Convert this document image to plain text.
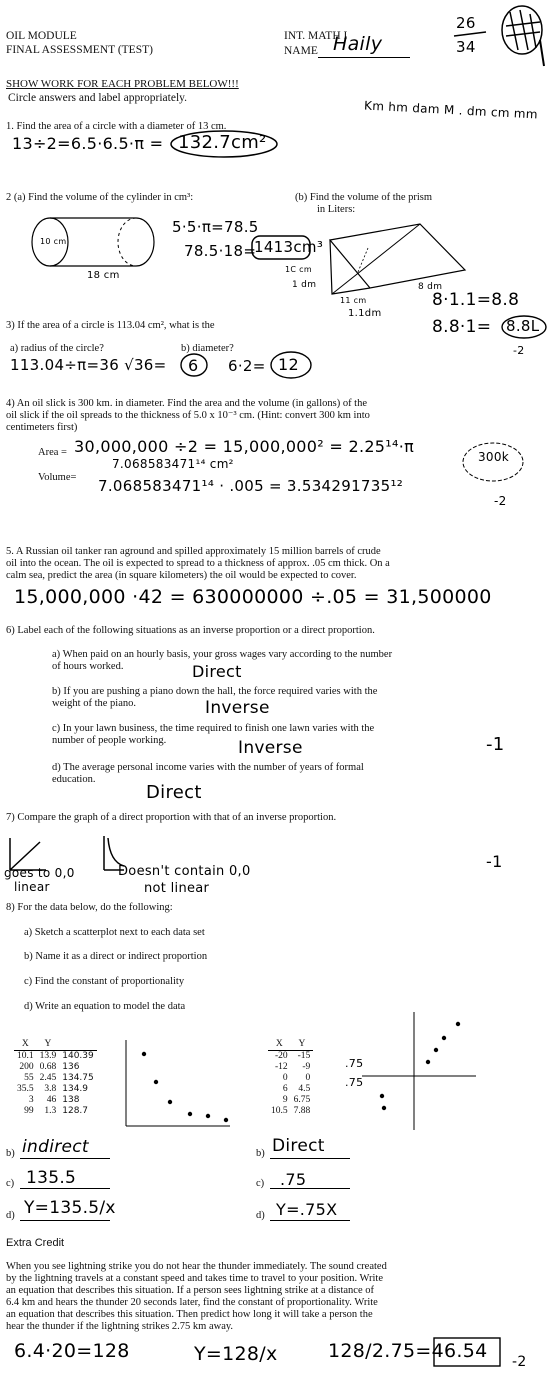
OIL MODULE
FINAL ASSESSMENT (TEST)
INT. MATH I
NAME Haily
26
34
SHOW WORK FOR EACH PROBLEM BELOW!!!
Circle answers and label appropriately.
Km hm dam M . dm cm mm
1. Find the area of a circle with a diameter of 13 cm.
13÷2=6.5·6.5·π = 132.7cm²
2 (a) Find the volume of the cylinder in cm³:	(b) Find the volume of the prism
in Liters:
10 cm
18 cm
5·5·π=78.5
78.5·18=
1413cm³
1C cm
1 dm
11 cm
1.1dm
8 dm
8·1.1=8.8
8.8·1= 8.8L
-2
3) If the area of a circle is 113.04 cm², what is the
a) radius of the circle?	b) diameter?
113.04÷π=36 √36= 6 6·2= 12
4) An oil slick is 300 km. in diameter. Find the area and the volume (in gallons) of the
oil slick if the oil spreads to the thickness of 5.0 x 10⁻³ cm. (Hint: convert 300 km into
centimeters first)
Area = 30,000,000 ÷2 = 15,000,000² = 2.25¹⁴·π
7.068583471¹⁴ cm²
Volume= 7.068583471¹⁴ · .005 = 3.534291735¹²
300k
-2
5. A Russian oil tanker ran aground and spilled approximately 15 million barrels of crude
oil into the ocean. The oil is expected to spread to a thickness of approx. .05 cm thick. On a
calm sea, predict the area (in square kilometers) the oil would be expected to cover.
15,000,000 ·42 = 630000000 ÷.05 = 31,500000
6) Label each of the following situations as an inverse proportion or a direct proportion.
a) When paid on an hourly basis, your gross wages vary according to the number
of hours worked.	Direct
b) If you are pushing a piano down the hall, the force required varies with the
weight of the piano.	Inverse
c) In your lawn business, the time required to finish one lawn varies with the
number of people working.	Inverse
d) The average personal income varies with the number of years of formal
education.
Direct
-1
7) Compare the graph of a direct proportion with that of an inverse proportion.
goes to 0,0
linear
Doesn't contain 0,0
not linear
-1
8) For the data below, do the following:
a) Sketch a scatterplot next to each data set
b) Name it as a direct or indirect proportion
c) Find the constant of proportionality
d) Write an equation to model the data
X	Y	
10.1	13.9	140.39
200	0.68	136
55	2.45	134.75
35.5	3.8	134.9
3	46	138
99	1.3	128.7
X	Y
-20	-15
-12	-9
0	0
6	4.5
9	6.75
10.5	7.88
.75
.75
b) indirect
c) 135.5
d) Y=135.5/x
b) Direct
c) .75
d) Y=.75X
Extra Credit
When you see lightning strike you do not hear the thunder immediately. The sound created
by the lightning travels at a constant speed and takes time to travel to your position. Write
an equation that describes this situation. If a person sees lightning strike at a distance of
6.4 km and hears the thunder 20 seconds later, find the constant of proportionality. Write
an equation that describes this situation. Then predict how long it will take a person the
hear the thunder if the lightning strikes 2.75 km away.
6.4·20=128	Y=128/x	128/2.75=46.54 -2
